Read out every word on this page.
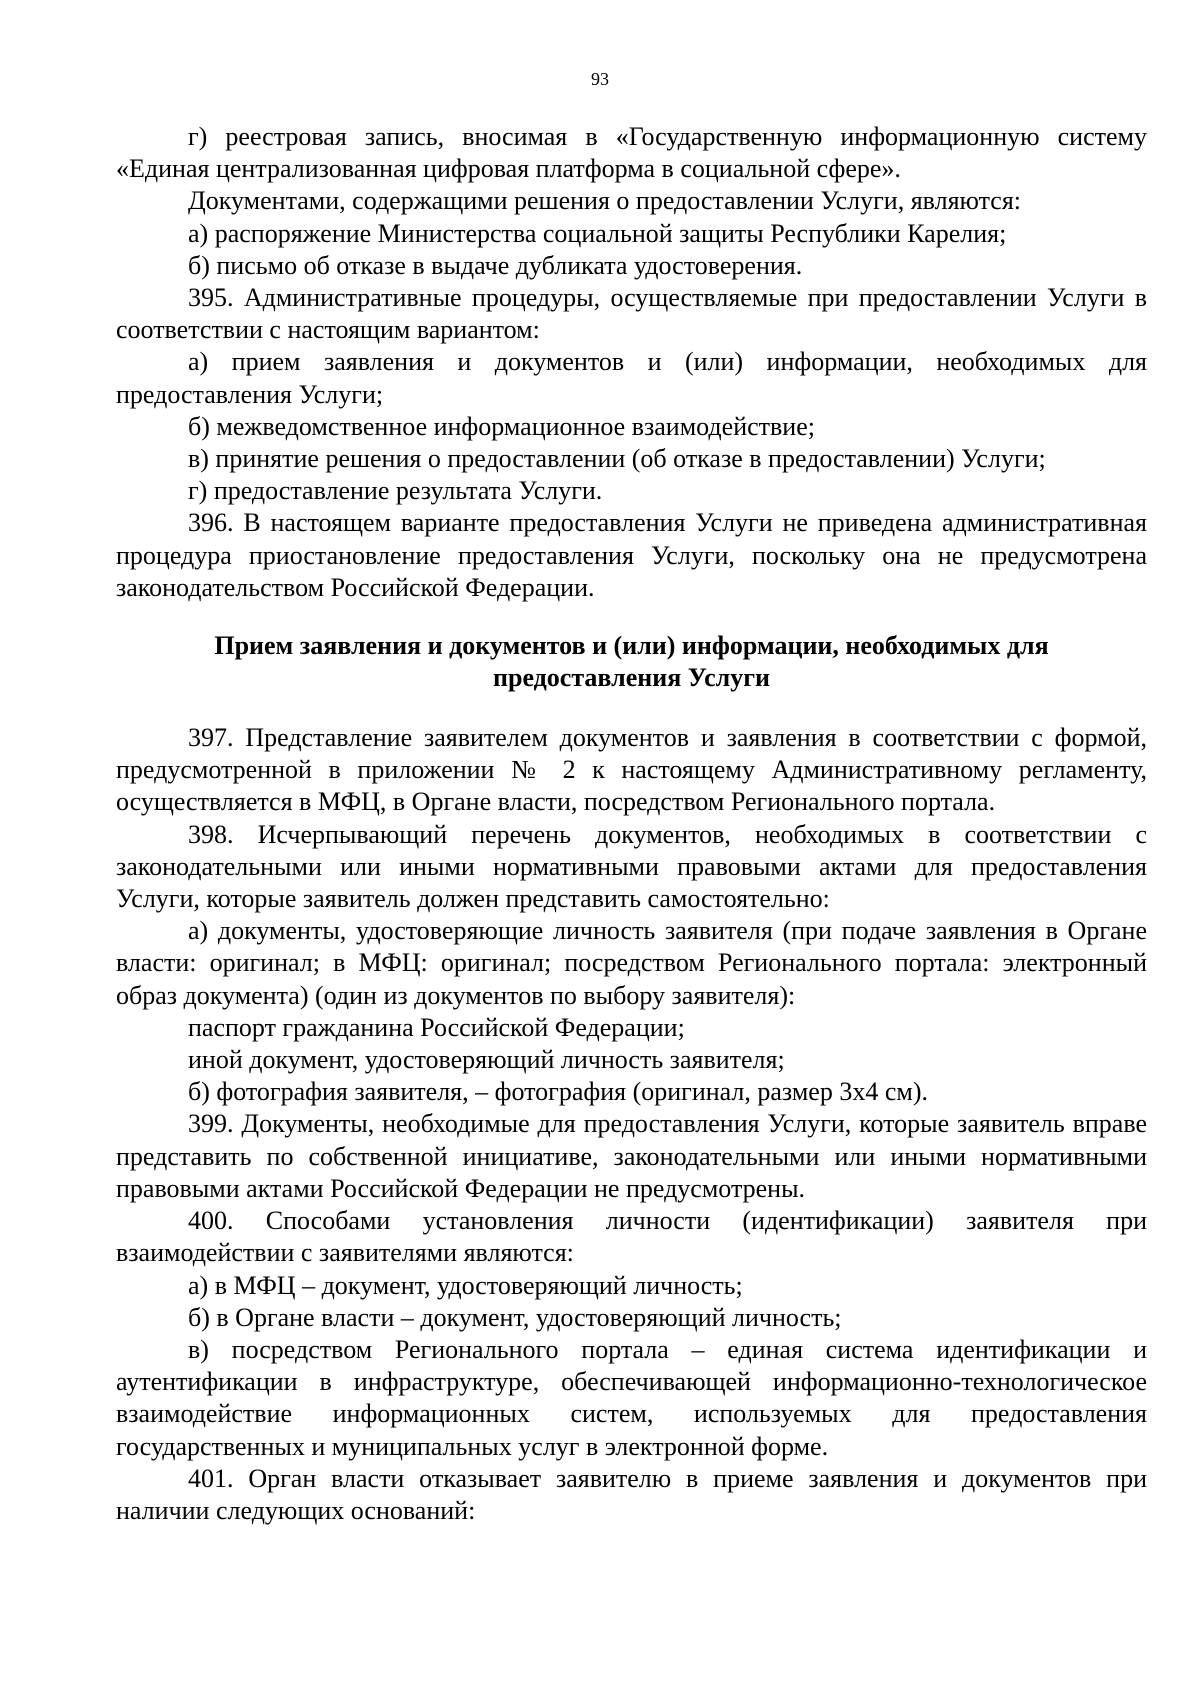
93

г) реестровая запись, вносимая в «Государственную информационную систему «Единая централизованная цифровая платформа в социальной сфере».

Документами, содержащими решения о предоставлении Услуги, являются:

а) распоряжение Министерства социальной защиты Республики Карелия;

б) письмо об отказе в выдаче дубликата удостоверения.

395. Административные процедуры, осуществляемые при предоставлении Услуги в соответствии с настоящим вариантом:

а) прием заявления и документов и (или) информации, необходимых для предоставления Услуги;

б) межведомственное информационное взаимодействие;

в) принятие решения о предоставлении (об отказе в предоставлении) Услуги;

г) предоставление результата Услуги.

396. В настоящем варианте предоставления Услуги не приведена административная процедура приостановление предоставления Услуги, поскольку она не предусмотрена законодательством Российской Федерации.

Прием заявления и документов и (или) информации, необходимых для предоставления Услуги

397. Представление заявителем документов и заявления в соответствии с формой, предусмотренной в приложении № 2 к настоящему Административному регламенту, осуществляется в МФЦ, в Органе власти, посредством Регионального портала.

398. Исчерпывающий перечень документов, необходимых в соответствии с законодательными или иными нормативными правовыми актами для предоставления Услуги, которые заявитель должен представить самостоятельно:

а) документы, удостоверяющие личность заявителя (при подаче заявления в Органе власти: оригинал; в МФЦ: оригинал; посредством Регионального портала: электронный образ документа) (один из документов по выбору заявителя):

паспорт гражданина Российской Федерации;

иной документ, удостоверяющий личность заявителя;

б) фотография заявителя, – фотография (оригинал, размер 3х4 см).

399. Документы, необходимые для предоставления Услуги, которые заявитель вправе представить по собственной инициативе, законодательными или иными нормативными правовыми актами Российской Федерации не предусмотрены.

400. Способами установления личности (идентификации) заявителя при взаимодействии с заявителями являются:

а) в МФЦ – документ, удостоверяющий личность;

б) в Органе власти – документ, удостоверяющий личность;

в) посредством Регионального портала – единая система идентификации и аутентификации в инфраструктуре, обеспечивающей информационно-технологическое взаимодействие информационных систем, используемых для предоставления государственных и муниципальных услуг в электронной форме.

401. Орган власти отказывает заявителю в приеме заявления и документов при наличии следующих оснований:
